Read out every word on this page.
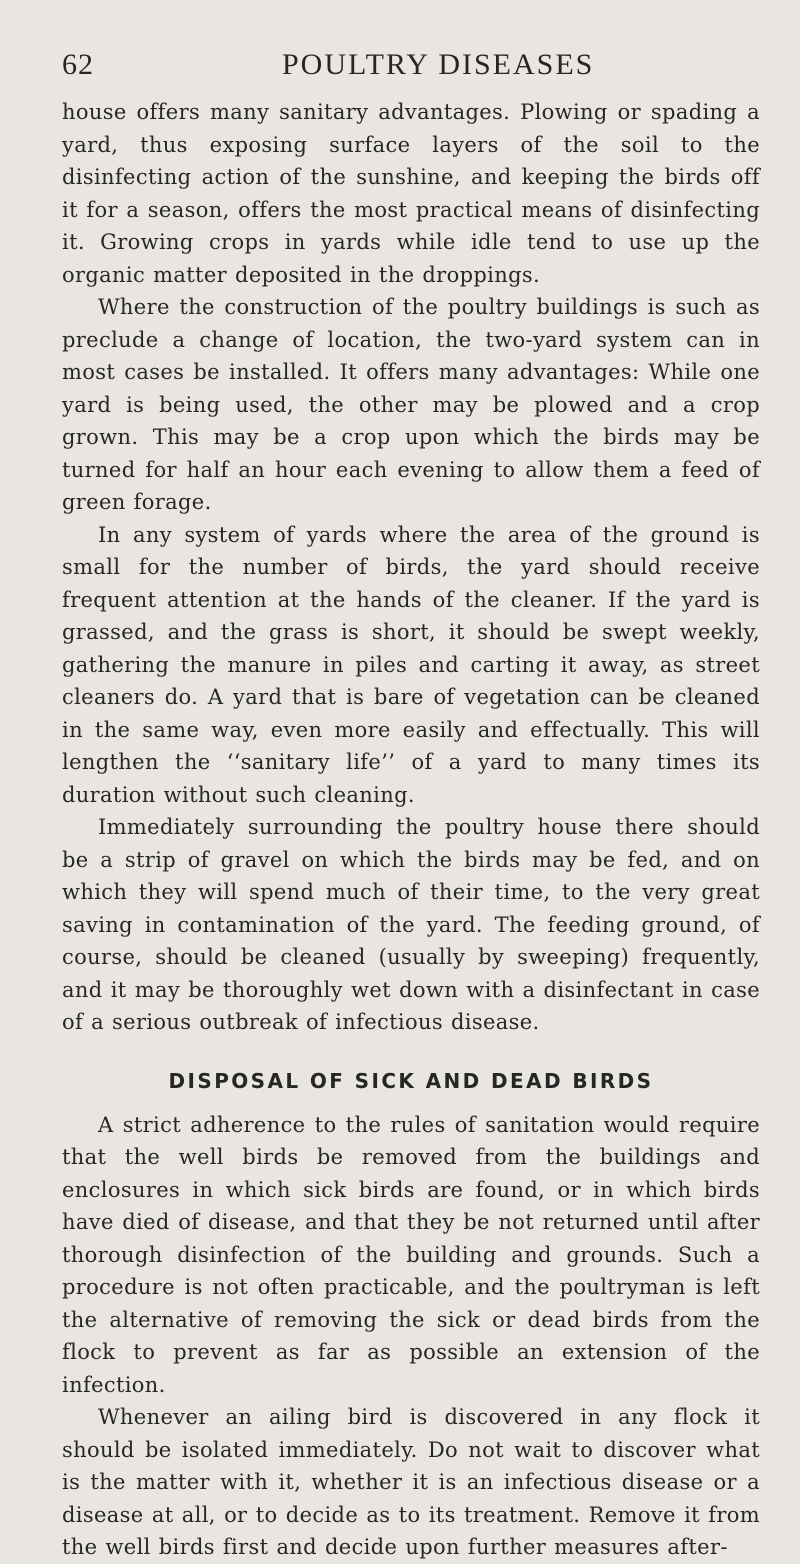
62	POULTRY DISEASES

house offers many sanitary advantages. Plowing or spading a yard, thus exposing surface layers of the soil to the disinfecting action of the sunshine, and keeping the birds off it for a season, offers the most practical means of disinfecting it. Growing crops in yards while idle tend to use up the organic matter deposited in the droppings.

Where the construction of the poultry buildings is such as preclude a change of location, the two-yard system can in most cases be installed. It offers many advantages: While one yard is being used, the other may be plowed and a crop grown. This may be a crop upon which the birds may be turned for half an hour each evening to allow them a feed of green forage.

In any system of yards where the area of the ground is small for the number of birds, the yard should receive frequent attention at the hands of the cleaner. If the yard is grassed, and the grass is short, it should be swept weekly, gathering the manure in piles and carting it away, as street cleaners do. A yard that is bare of vegetation can be cleaned in the same way, even more easily and effectually. This will lengthen the ‘‘sanitary life’’ of a yard to many times its duration without such cleaning.

Immediately surrounding the poultry house there should be a strip of gravel on which the birds may be fed, and on which they will spend much of their time, to the very great saving in contamination of the yard. The feeding ground, of course, should be cleaned (usually by sweeping) frequently, and it may be thoroughly wet down with a disinfectant in case of a serious outbreak of infectious disease.

DISPOSAL OF SICK AND DEAD BIRDS

A strict adherence to the rules of sanitation would require that the well birds be removed from the buildings and enclosures in which sick birds are found, or in which birds have died of disease, and that they be not returned until after thorough disinfection of the building and grounds. Such a procedure is not often practicable, and the poultryman is left the alternative of removing the sick or dead birds from the flock to prevent as far as possible an extension of the infection.

Whenever an ailing bird is discovered in any flock it should be isolated immediately. Do not wait to discover what is the matter with it, whether it is an infectious disease or a disease at all, or to decide as to its treatment. Remove it from the well birds first and decide upon further measures after-
